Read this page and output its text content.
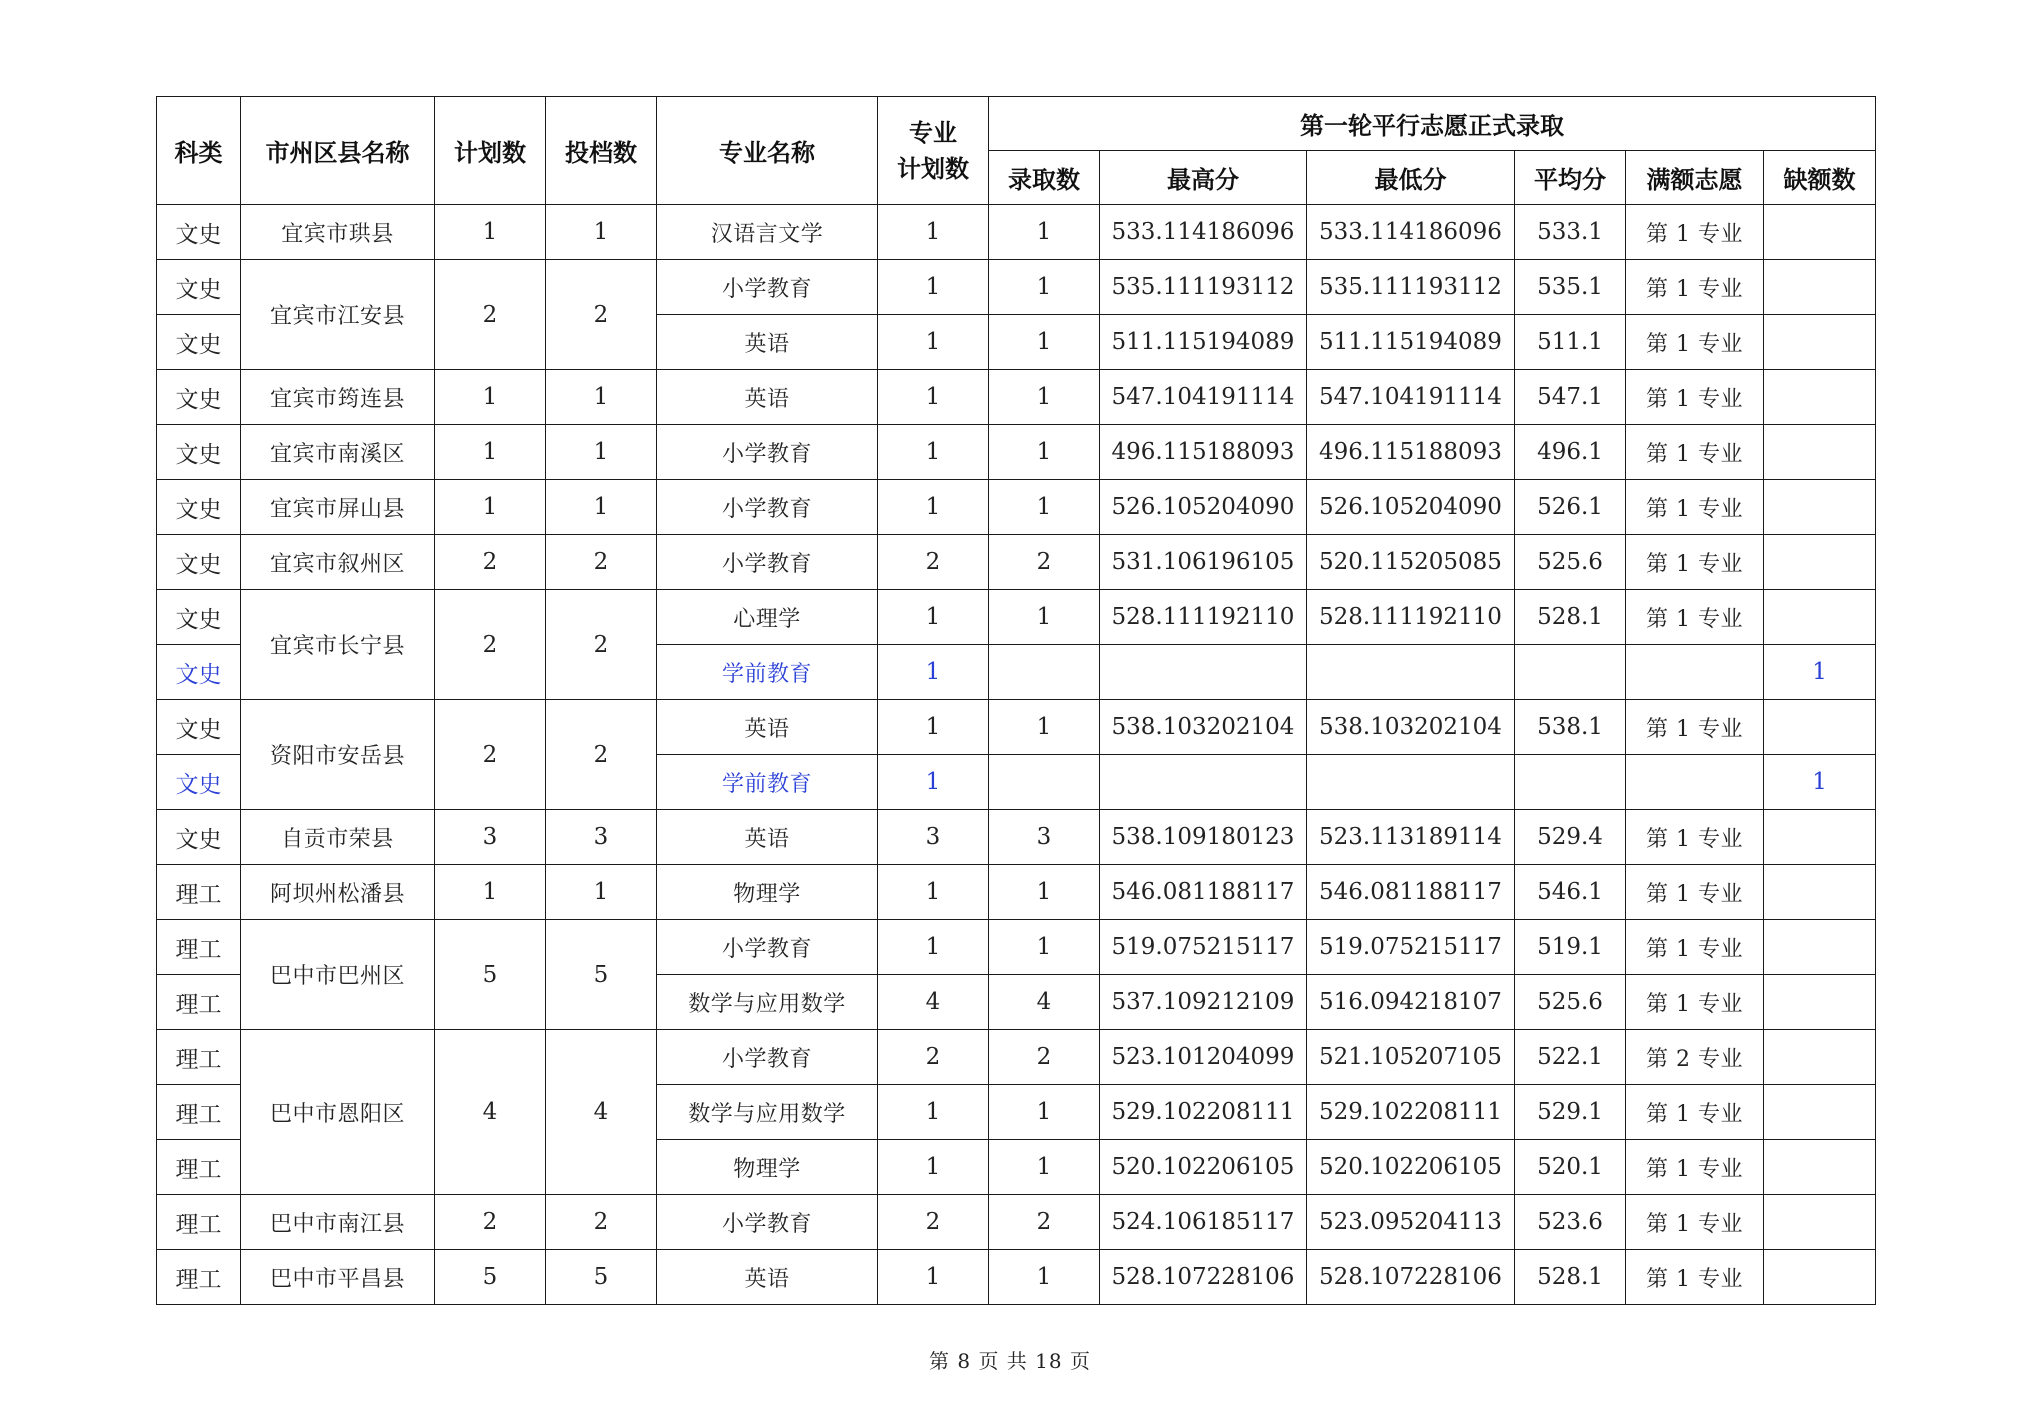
科类	市州区县名称	计划数	投档数	专业名称	专业
计划数	第一轮平行志愿正式录取					
						录取数	最高分	最低分	平均分	满额志愿	缺额数
文史	宜宾市珙县	1	1	汉语言文学	1	1	533.114186096	533.114186096	533.1	第 1 专业	
文史	宜宾市江安县	2	2	小学教育	1	1	535.111193112	535.111193112	535.1	第 1 专业	
文史				英语	1	1	511.115194089	511.115194089	511.1	第 1 专业	
文史	宜宾市筠连县	1	1	英语	1	1	547.104191114	547.104191114	547.1	第 1 专业	
文史	宜宾市南溪区	1	1	小学教育	1	1	496.115188093	496.115188093	496.1	第 1 专业	
文史	宜宾市屏山县	1	1	小学教育	1	1	526.105204090	526.105204090	526.1	第 1 专业	
文史	宜宾市叙州区	2	2	小学教育	2	2	531.106196105	520.115205085	525.6	第 1 专业	
文史	宜宾市长宁县	2	2	心理学	1	1	528.111192110	528.111192110	528.1	第 1 专业	
文史				学前教育	1						1
文史	资阳市安岳县	2	2	英语	1	1	538.103202104	538.103202104	538.1	第 1 专业	
文史				学前教育	1						1
文史	自贡市荣县	3	3	英语	3	3	538.109180123	523.113189114	529.4	第 1 专业	
理工	阿坝州松潘县	1	1	物理学	1	1	546.081188117	546.081188117	546.1	第 1 专业	
理工	巴中市巴州区	5	5	小学教育	1	1	519.075215117	519.075215117	519.1	第 1 专业	
理工				数学与应用数学	4	4	537.109212109	516.094218107	525.6	第 1 专业	
理工	巴中市恩阳区	4	4	小学教育	2	2	523.101204099	521.105207105	522.1	第 2 专业	
理工				数学与应用数学	1	1	529.102208111	529.102208111	529.1	第 1 专业	
理工				物理学	1	1	520.102206105	520.102206105	520.1	第 1 专业	
理工	巴中市南江县	2	2	小学教育	2	2	524.106185117	523.095204113	523.6	第 1 专业	
理工	巴中市平昌县	5	5	英语	1	1	528.107228106	528.107228106	528.1	第 1 专业	
第 8 页 共 18 页
